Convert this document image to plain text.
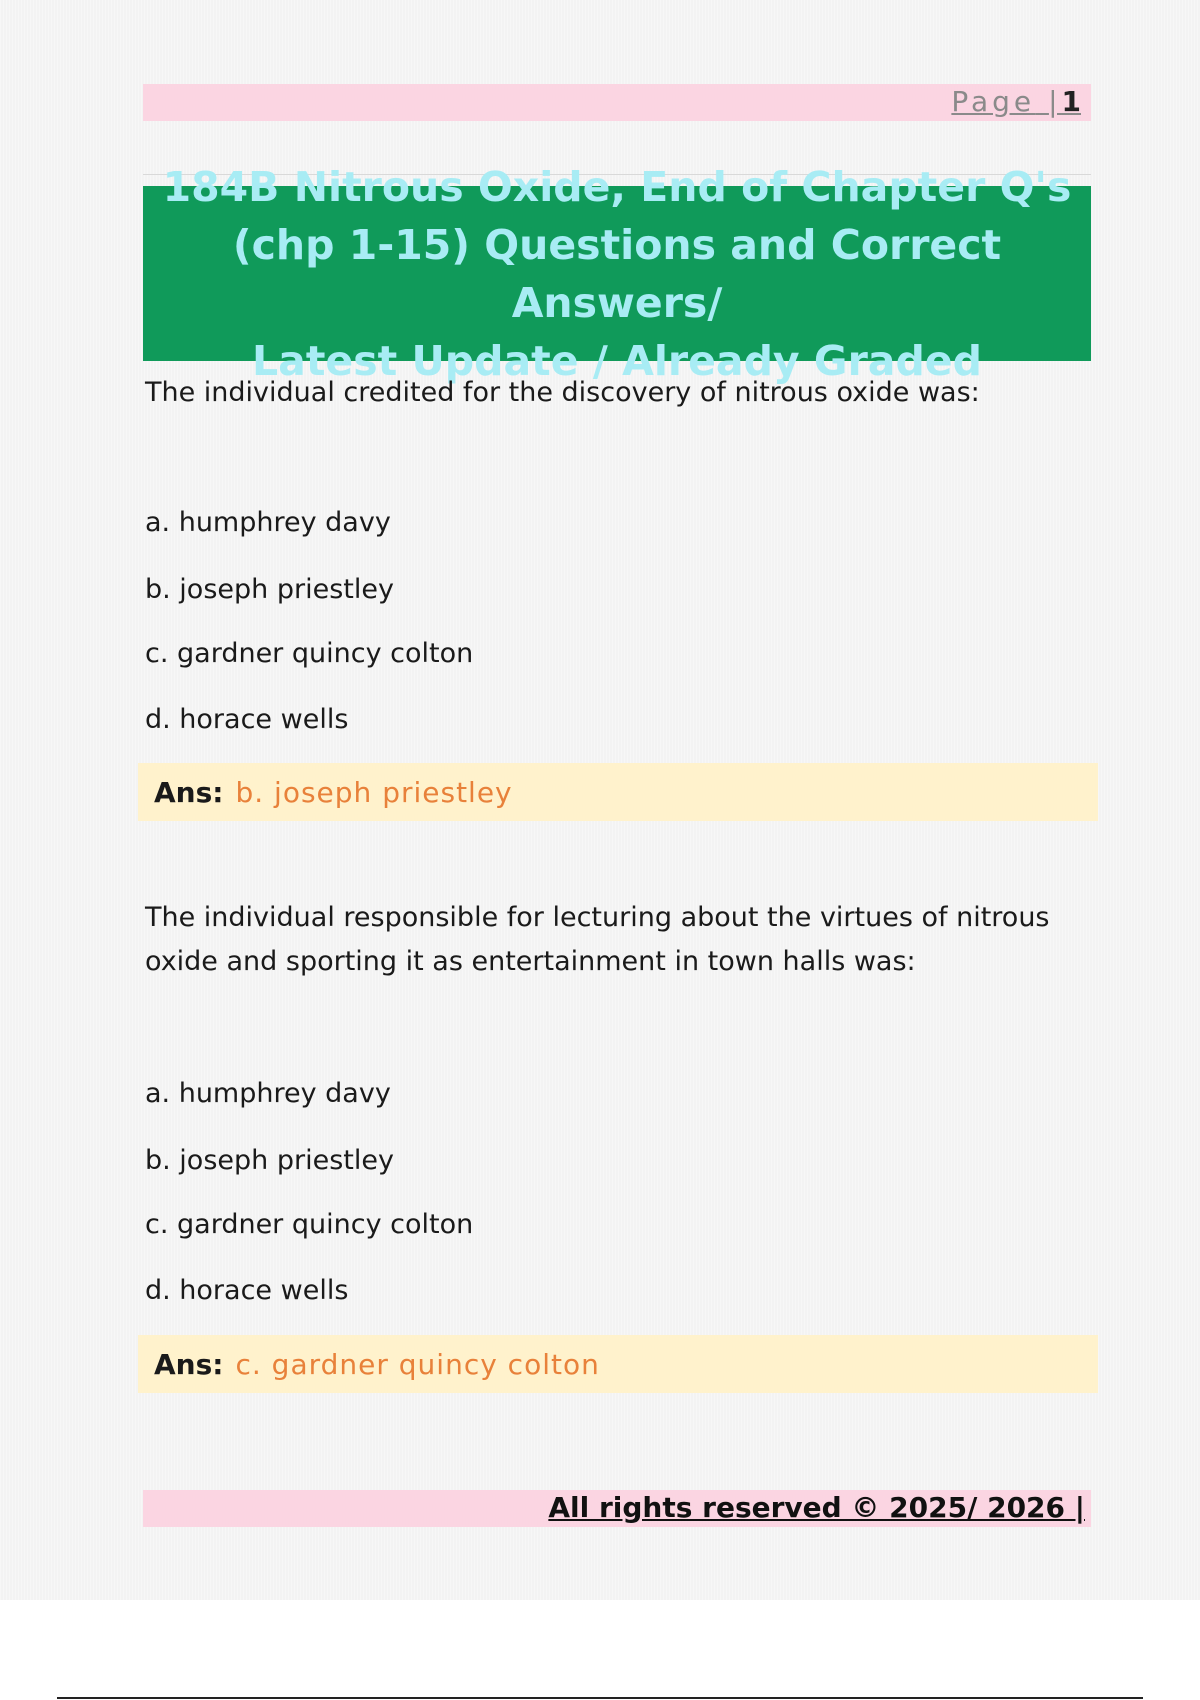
Page |1
184B Nitrous Oxide, End of Chapter Q's
(chp 1-15) Questions and Correct Answers/
Latest Update / Already Graded

The individual credited for the discovery of nitrous oxide was:

a. humphrey davy

b. joseph priestley

c. gardner quincy colton

d. horace wells

Ans: b. joseph priestley

The individual responsible for lecturing about the virtues of nitrous oxide and sporting it as entertainment in town halls was:

a. humphrey davy

b. joseph priestley

c. gardner quincy colton

d. horace wells

Ans: c. gardner quincy colton
All rights reserved © 2025/ 2026 |
